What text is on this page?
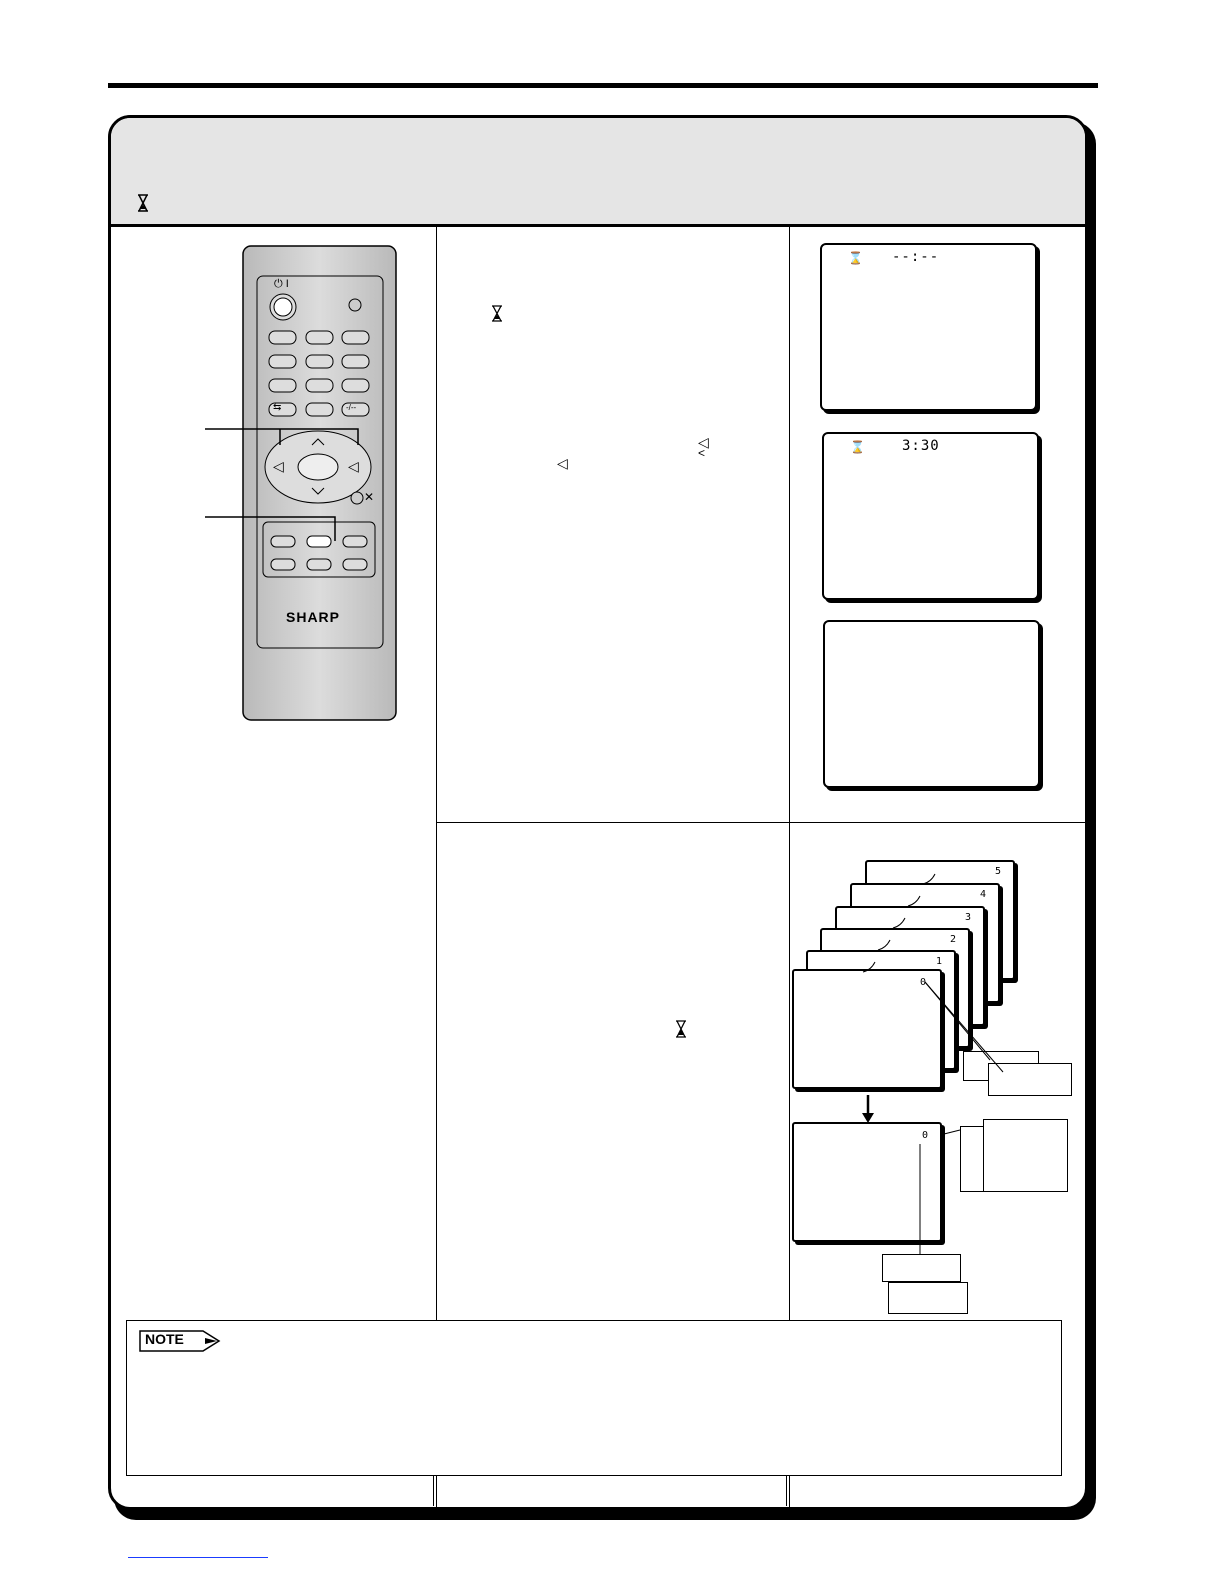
⏻ I
⇆	-/--
◁	◁
✕
SHARP
◁
<
◁
⌛ --:--
⌛	3:30
5
4
3
2
1
0
0
NOTE
